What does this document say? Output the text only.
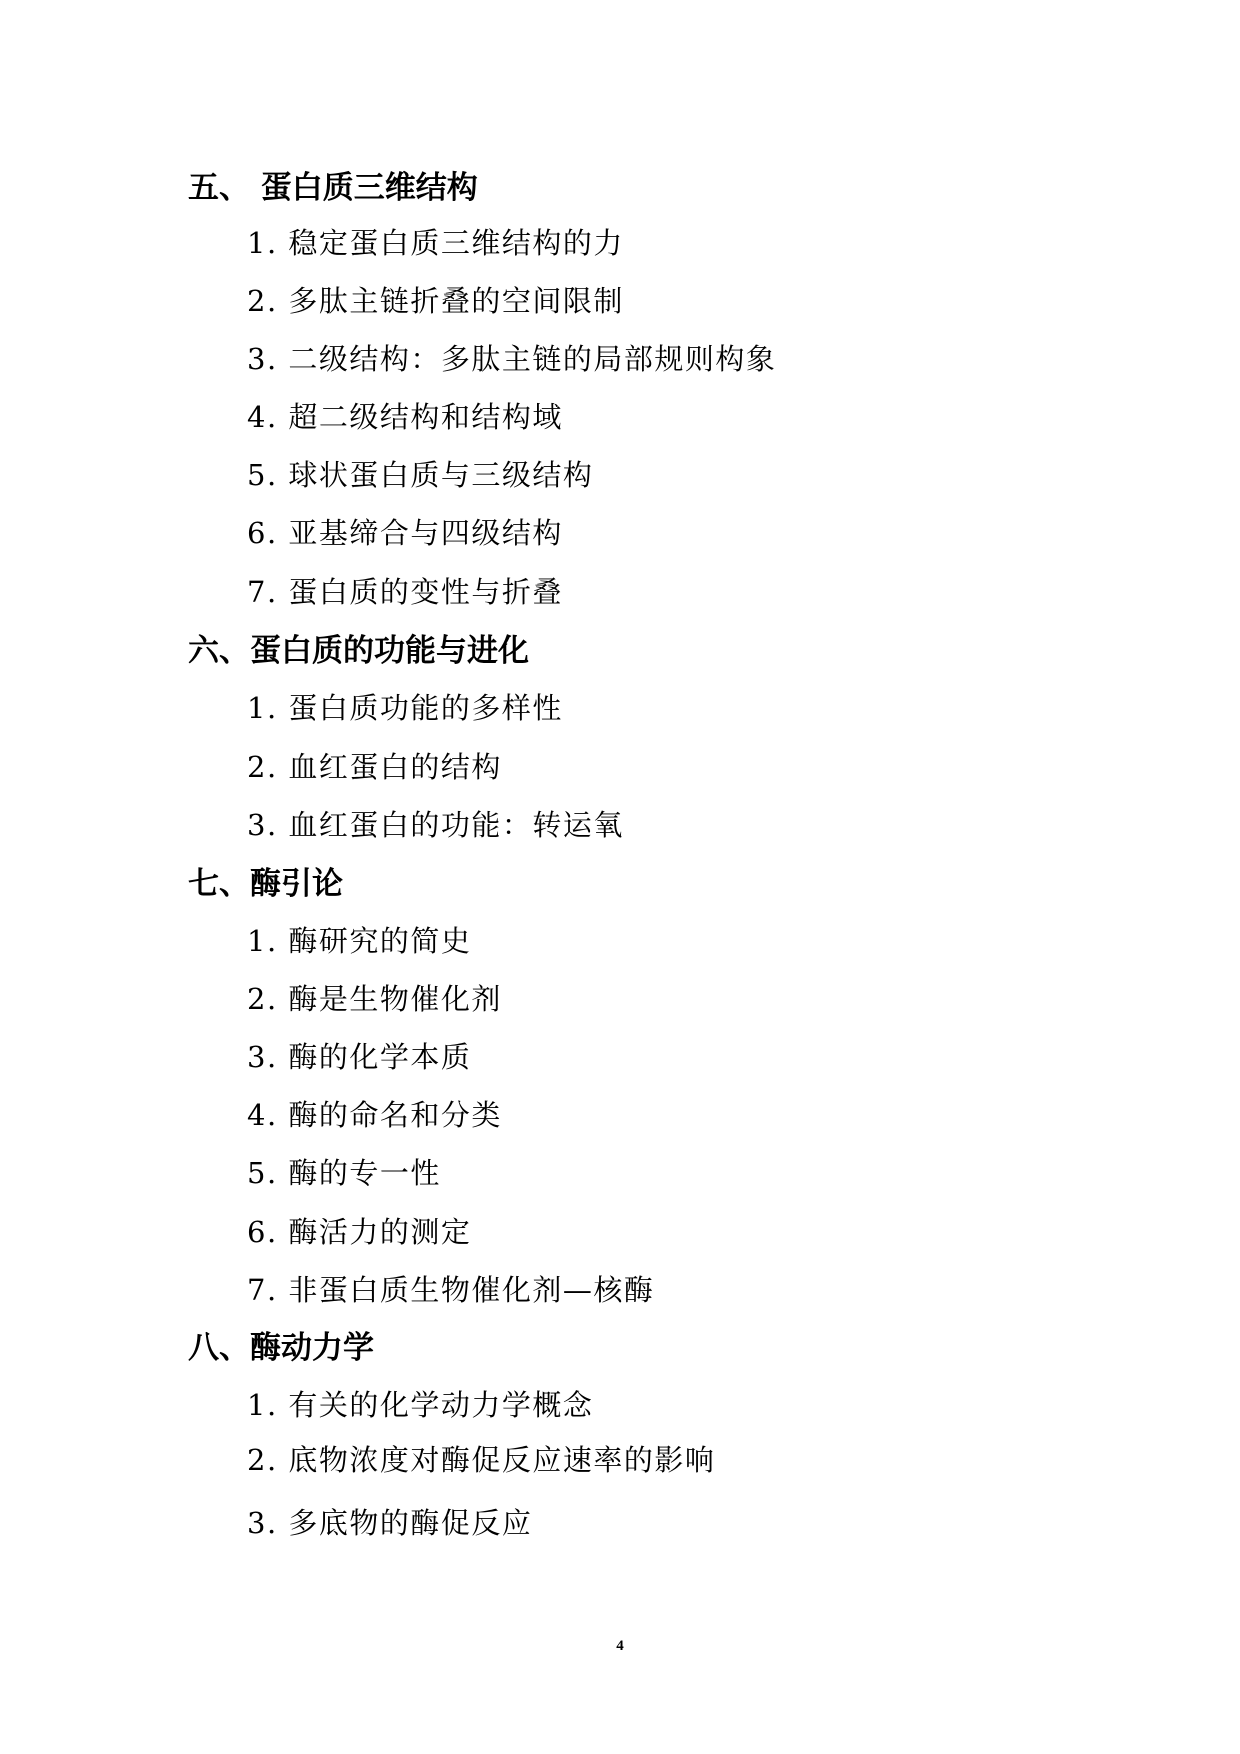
五、 蛋白质三维结构

1. 稳定蛋白质三维结构的力

2. 多肽主链折叠的空间限制

3. 二级结构：多肽主链的局部规则构象

4. 超二级结构和结构域

5. 球状蛋白质与三级结构

6. 亚基缔合与四级结构

7. 蛋白质的变性与折叠

六、蛋白质的功能与进化

1. 蛋白质功能的多样性

2. 血红蛋白的结构

3. 血红蛋白的功能：转运氧

七、酶引论

1. 酶研究的简史

2. 酶是生物催化剂

3. 酶的化学本质

4. 酶的命名和分类

5. 酶的专一性

6. 酶活力的测定

7. 非蛋白质生物催化剂—核酶

八、酶动力学

1. 有关的化学动力学概念

2. 底物浓度对酶促反应速率的影响

3. 多底物的酶促反应

4
